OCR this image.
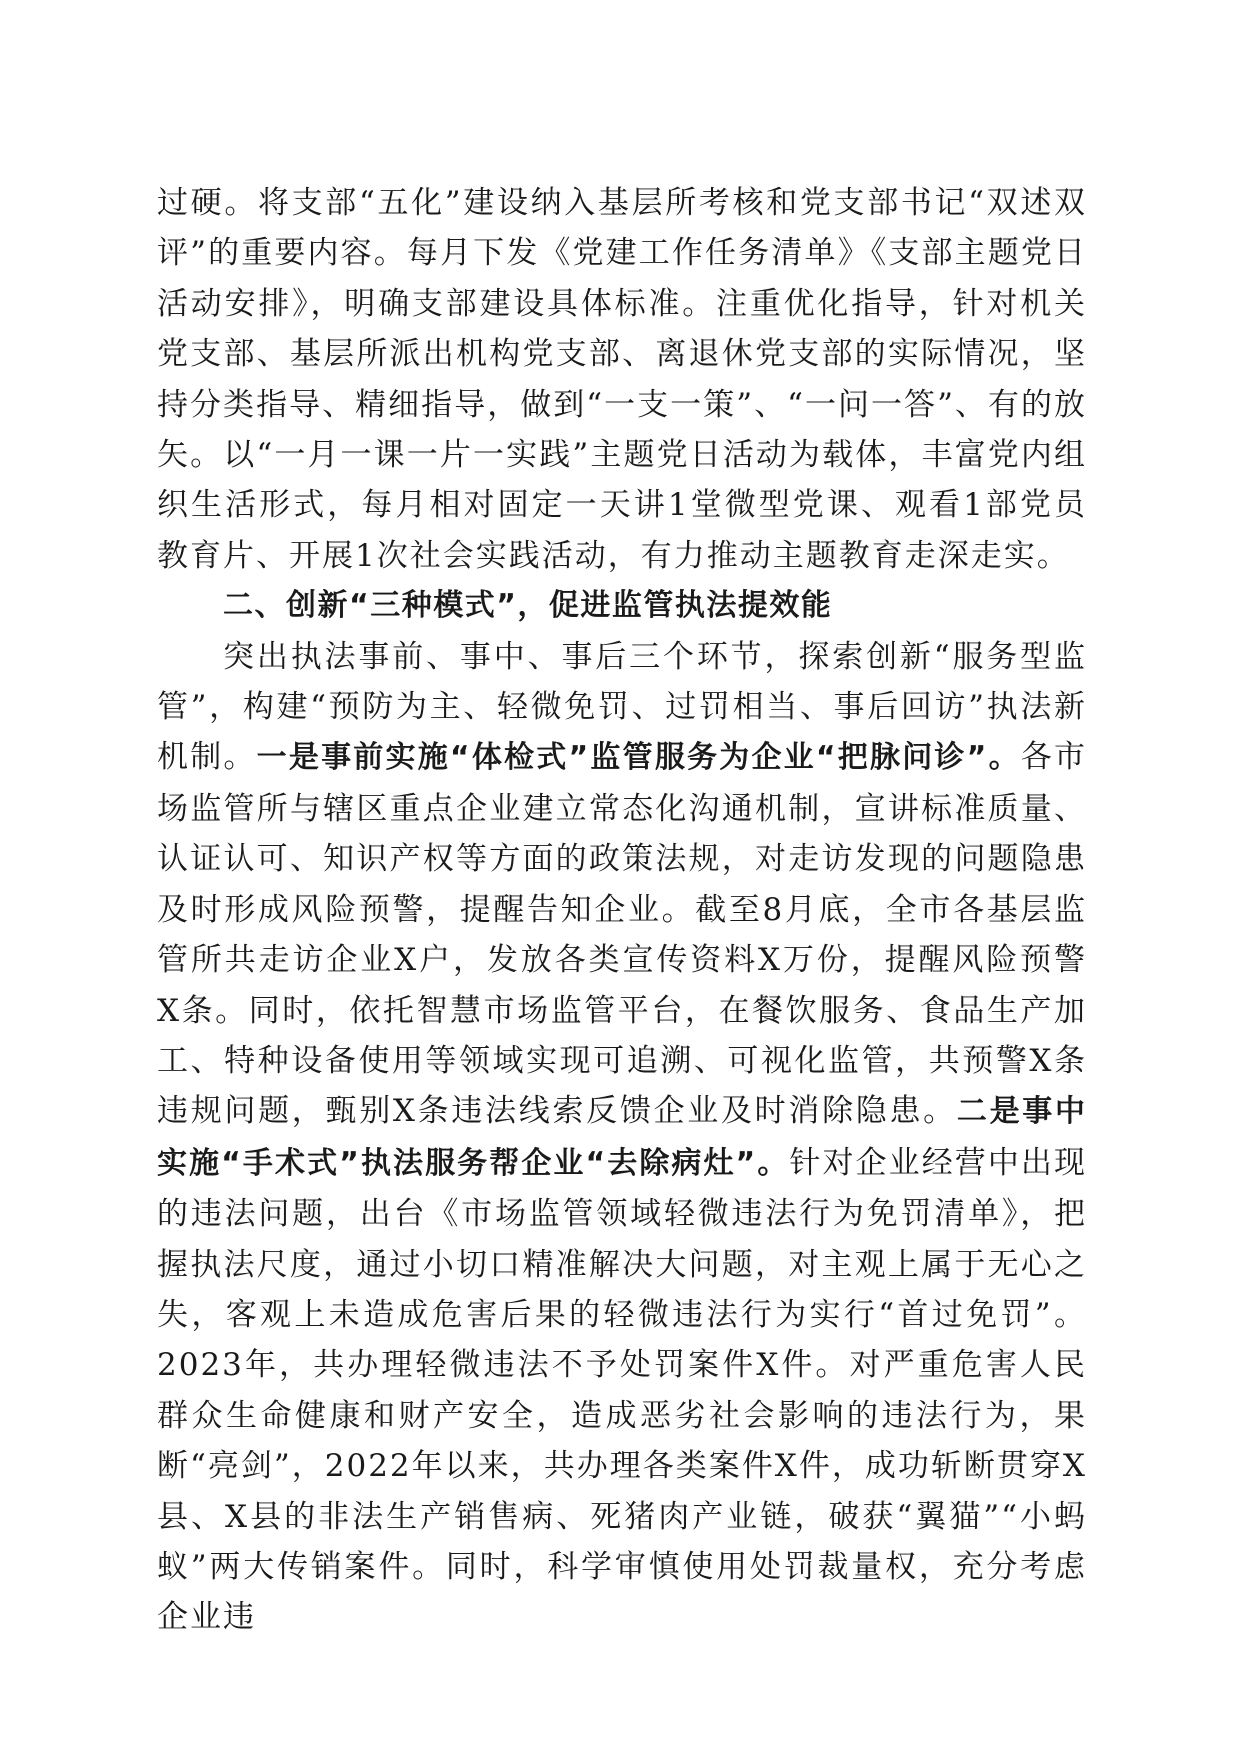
过硬。将支部“五化”建设纳入基层所考核和党支部书记“双述双评”的重要内容。每月下发《党建工作任务清单》《支部主题党日活动安排》，明确支部建设具体标准。注重优化指导，针对机关党支部、基层所派出机构党支部、离退休党支部的实际情况，坚持分类指导、精细指导，做到“一支一策”、“一问一答”、有的放矢。以“一月一课一片一实践”主题党日活动为载体，丰富党内组织生活形式，每月相对固定一天讲1堂微型党课、观看1部党员教育片、开展1次社会实践活动，有力推动主题教育走深走实。

二、创新“三种模式”，促进监管执法提效能

突出执法事前、事中、事后三个环节，探索创新“服务型监管”，构建“预防为主、轻微免罚、过罚相当、事后回访”执法新机制。一是事前实施“体检式”监管服务为企业“把脉问诊”。各市场监管所与辖区重点企业建立常态化沟通机制，宣讲标准质量、认证认可、知识产权等方面的政策法规，对走访发现的问题隐患及时形成风险预警，提醒告知企业。截至8月底，全市各基层监管所共走访企业X户，发放各类宣传资料X万份，提醒风险预警X条。同时，依托智慧市场监管平台，在餐饮服务、食品生产加工、特种设备使用等领域实现可追溯、可视化监管，共预警X条违规问题，甄别X条违法线索反馈企业及时消除隐患。二是事中实施“手术式”执法服务帮企业“去除病灶”。针对企业经营中出现的违法问题，出台《市场监管领域轻微违法行为免罚清单》，把握执法尺度，通过小切口精准解决大问题，对主观上属于无心之失，客观上未造成危害后果的轻微违法行为实行“首过免罚”。2023年，共办理轻微违法不予处罚案件X件。对严重危害人民群众生命健康和财产安全，造成恶劣社会影响的违法行为，果断“亮剑”，2022年以来，共办理各类案件X件，成功斩断贯穿X县、X县的非法生产销售病、死猪肉产业链，破获“翼猫”“小蚂蚁”两大传销案件。同时，科学审慎使用处罚裁量权，充分考虑企业违
